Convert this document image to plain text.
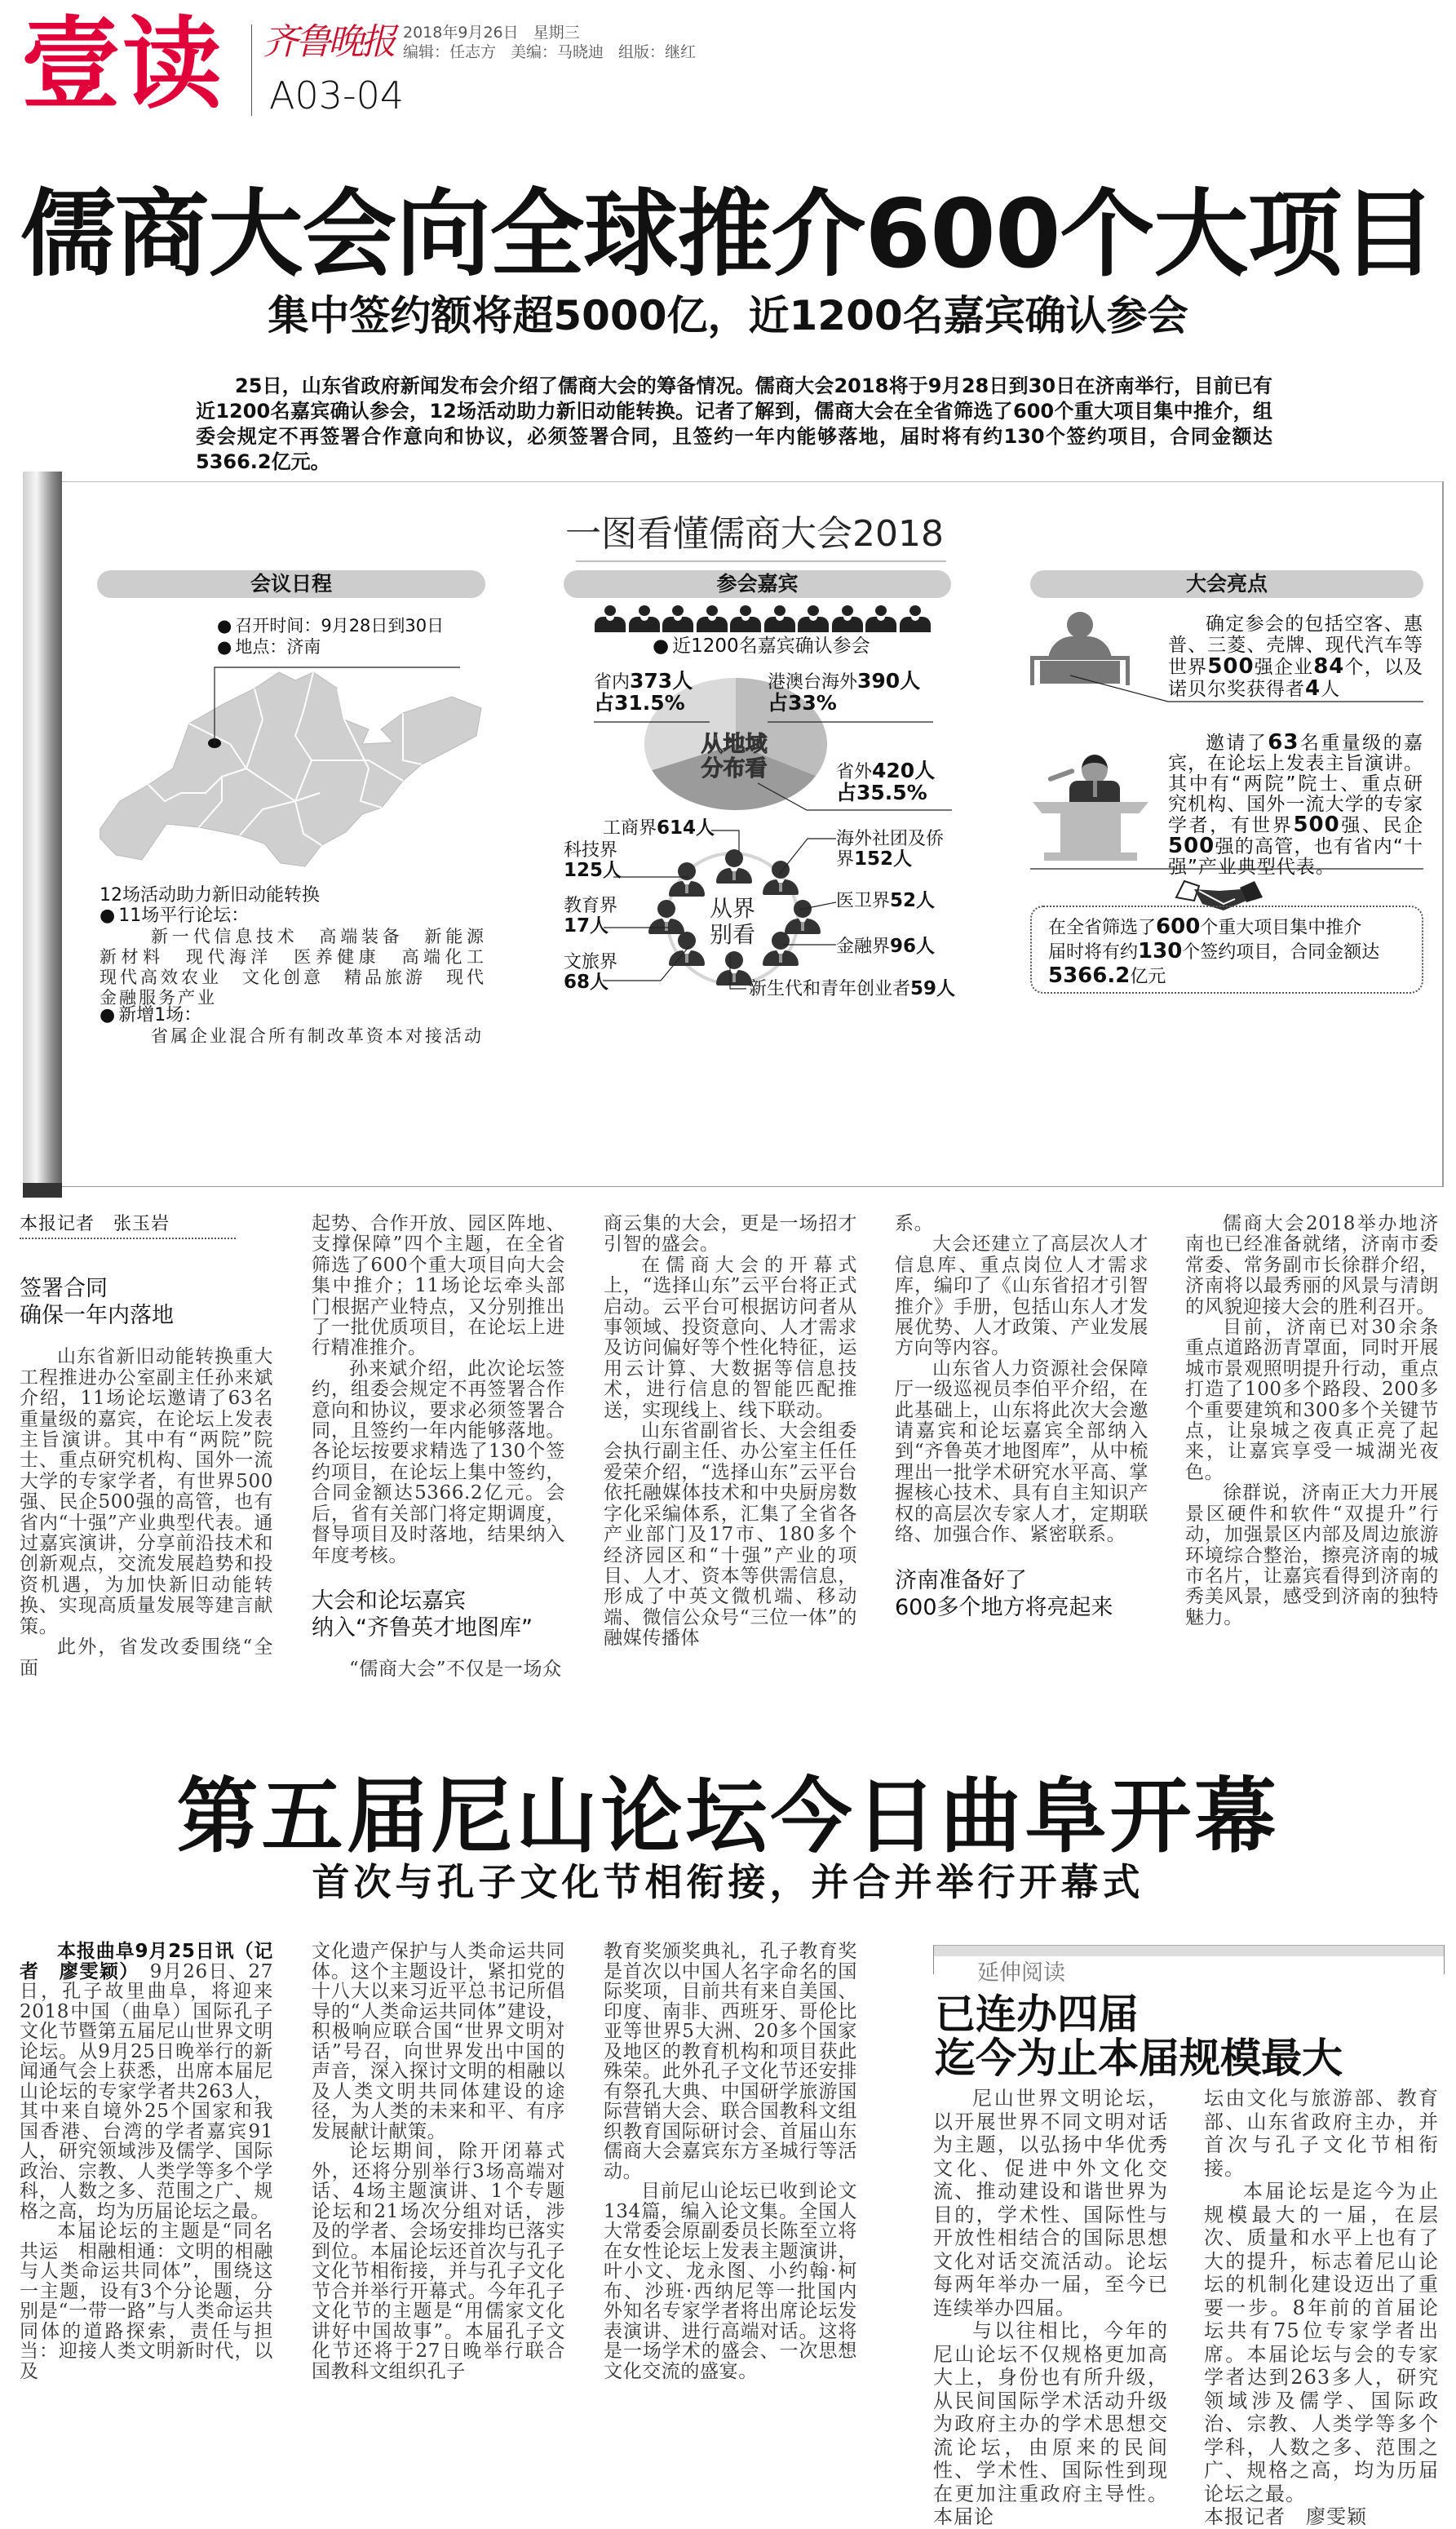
壹读 齐鲁晚报 2018年9月26日 星期三
编辑：任志方 美编：马晓迪 组版：继红
A03-04
儒商大会向全球推介600个大项目
集中签约额将超5000亿，近1200名嘉宾确认参会

25日，山东省政府新闻发布会介绍了儒商大会的筹备情况。儒商大会2018将于9月28日到30日在济南举行，目前已有近1200名嘉宾确认参会，12场活动助力新旧动能转换。记者了解到，儒商大会在全省筛选了600个重大项目集中推介，组委会规定不再签署合作意向和协议，必须签署合同，且签约一年内能够落地，届时将有约130个签约项目，合同金额达5366.2亿元。

一图看懂儒商大会2018
会议日程
● 召开时间：9月28日到30日
● 地点：济南
12场活动助力新旧动能转换
● 11场平行论坛：
新一代信息技术　高端装备　新能源　新材料　现代海洋　医养健康　高端化工　现代高效农业　文化创意　精品旅游　现代金融服务产业
● 新增1场：
省属企业混合所有制改革资本对接活动
参会嘉宾
● 近1200名嘉宾确认参会
从地域
分布看
省内373人
占31.5%
港澳台海外390人
占33%
省外420人
占35.5%
从界
别看
工商界614人
科技界
125人
海外社团及侨界152人
教育界
17人
医卫界52人
文旅界
68人
金融界96人
新生代和青年创业者59人
大会亮点

确定参会的包括空客、惠普、三菱、壳牌、现代汽车等世界500强企业84个，以及诺贝尔奖获得者4人

邀请了63名重量级的嘉宾，在论坛上发表主旨演讲。其中有“两院”院士、重点研究机构、国外一流大学的专家学者，有世界500强、民企500强的高管，也有省内“十强”产业典型代表。

在全省筛选了600个重大项目集中推介
届时将有约130个签约项目，合同金额达
5366.2亿元

本报记者　张玉岩

签署合同
确保一年内落地

山东省新旧动能转换重大工程推进办公室副主任孙来斌介绍，11场论坛邀请了63名重量级的嘉宾，在论坛上发表主旨演讲。其中有“两院”院士、重点研究机构、国外一流大学的专家学者，有世界500强、民企500强的高管，也有省内“十强”产业典型代表。通过嘉宾演讲，分享前沿技术和创新观点，交流发展趋势和投资机遇，为加快新旧动能转换、实现高质量发展等建言献策。

此外，省发改委围绕“全面

起势、合作开放、园区阵地、支撑保障”四个主题，在全省筛选了600个重大项目向大会集中推介；11场论坛牵头部门根据产业特点，又分别推出了一批优质项目，在论坛上进行精准推介。

孙来斌介绍，此次论坛签约，组委会规定不再签署合作意向和协议，要求必须签署合同，且签约一年内能够落地。各论坛按要求精选了130个签约项目，在论坛上集中签约，合同金额达5366.2亿元。会后，省有关部门将定期调度，督导项目及时落地，结果纳入年度考核。

大会和论坛嘉宾
纳入“齐鲁英才地图库”

“儒商大会”不仅是一场众

商云集的大会，更是一场招才引智的盛会。

在儒商大会的开幕式上，“选择山东”云平台将正式启动。云平台可根据访问者从事领域、投资意向、人才需求及访问偏好等个性化特征，运用云计算、大数据等信息技术，进行信息的智能匹配推送，实现线上、线下联动。

山东省副省长、大会组委会执行副主任、办公室主任任爱荣介绍，“选择山东”云平台依托融媒体技术和中央厨房数字化采编体系，汇集了全省各产业部门及17市、180多个经济园区和“十强”产业的项目、人才、资本等供需信息，形成了中英文微机端、移动端、微信公众号“三位一体”的融媒传播体

系。

大会还建立了高层次人才信息库、重点岗位人才需求库，编印了《山东省招才引智推介》手册，包括山东人才发展优势、人才政策、产业发展方向等内容。

山东省人力资源社会保障厅一级巡视员李伯平介绍，在此基础上，山东将此次大会邀请嘉宾和论坛嘉宾全部纳入到“齐鲁英才地图库”，从中梳理出一批学术研究水平高、掌握核心技术、具有自主知识产权的高层次专家人才，定期联络、加强合作、紧密联系。

济南准备好了
600多个地方将亮起来

儒商大会2018举办地济南也已经准备就绪，济南市委常委、常务副市长徐群介绍，济南将以最秀丽的风景与清朗的风貌迎接大会的胜利召开。

目前，济南已对30余条重点道路沥青罩面，同时开展城市景观照明提升行动，重点打造了100多个路段、200多个重要建筑和300多个关键节点，让泉城之夜真正亮了起来，让嘉宾享受一城湖光夜色。

徐群说，济南正大力开展景区硬件和软件“双提升”行动，加强景区内部及周边旅游环境综合整治，擦亮济南的城市名片，让嘉宾看得到济南的秀美风景，感受到济南的独特魅力。

第五届尼山论坛今日曲阜开幕
首次与孔子文化节相衔接，并合并举行开幕式

本报曲阜9月25日讯（记者　廖雯颖）　9月26日、27日，孔子故里曲阜，将迎来2018中国（曲阜）国际孔子文化节暨第五届尼山世界文明论坛。从9月25日晚举行的新闻通气会上获悉，出席本届尼山论坛的专家学者共263人，其中来自境外25个国家和我国香港、台湾的学者嘉宾91人，研究领域涉及儒学、国际政治、宗教、人类学等多个学科，人数之多、范围之广、规格之高，均为历届论坛之最。

本届论坛的主题是“同名共运　相融相通：文明的相融与人类命运共同体”，围绕这一主题，设有3个分论题，分别是“一带一路”与人类命运共同体的道路探索，责任与担当：迎接人类文明新时代，以及

文化遗产保护与人类命运共同体。这个主题设计，紧扣党的十八大以来习近平总书记所倡导的“人类命运共同体”建设，积极响应联合国“世界文明对话”号召，向世界发出中国的声音，深入探讨文明的相融以及人类文明共同体建设的途径，为人类的未来和平、有序发展献计献策。

论坛期间，除开闭幕式外，还将分别举行3场高端对话、4场主题演讲、1个专题论坛和21场次分组对话，涉及的学者、会场安排均已落实到位。本届论坛还首次与孔子文化节相衔接，并与孔子文化节合并举行开幕式。今年孔子文化节的主题是“用儒家文化讲好中国故事”。本届孔子文化节还将于27日晚举行联合国教科文组织孔子

教育奖颁奖典礼，孔子教育奖是首次以中国人名字命名的国际奖项，目前共有来自美国、印度、南非、西班牙、哥伦比亚等世界5大洲、20多个国家及地区的教育机构和项目获此殊荣。此外孔子文化节还安排有祭孔大典、中国研学旅游国际营销大会、联合国教科文组织教育国际研讨会、首届山东儒商大会嘉宾东方圣城行等活动。

目前尼山论坛已收到论文134篇，编入论文集。全国人大常委会原副委员长陈至立将在女性论坛上发表主题演讲，叶小文、龙永图、小约翰·柯布、沙班·西纳尼等一批国内外知名专家学者将出席论坛发表演讲、进行高端对话。这将是一场学术的盛会、一次思想文化交流的盛宴。

延伸阅读
已连办四届
迄今为止本届规模最大

尼山世界文明论坛，以开展世界不同文明对话为主题，以弘扬中华优秀文化、促进中外文化交流、推动建设和谐世界为目的，学术性、国际性与开放性相结合的国际思想文化对话交流活动。论坛每两年举办一届，至今已连续举办四届。

与以往相比，今年的尼山论坛不仅规格更加高大上，身份也有所升级，从民间国际学术活动升级为政府主办的学术思想交流论坛，由原来的民间性、学术性、国际性到现在更加注重政府主导性。本届论

坛由文化与旅游部、教育部、山东省政府主办，并首次与孔子文化节相衔接。

本届论坛是迄今为止规模最大的一届，在层次、质量和水平上也有了大的提升，标志着尼山论坛的机制化建设迈出了重要一步。8年前的首届论坛共有75位专家学者出席。本届论坛与会的专家学者达到263多人，研究领域涉及儒学、国际政治、宗教、人类学等多个学科，人数之多、范围之广、规格之高，均为历届论坛之最。

本报记者　廖雯颖
